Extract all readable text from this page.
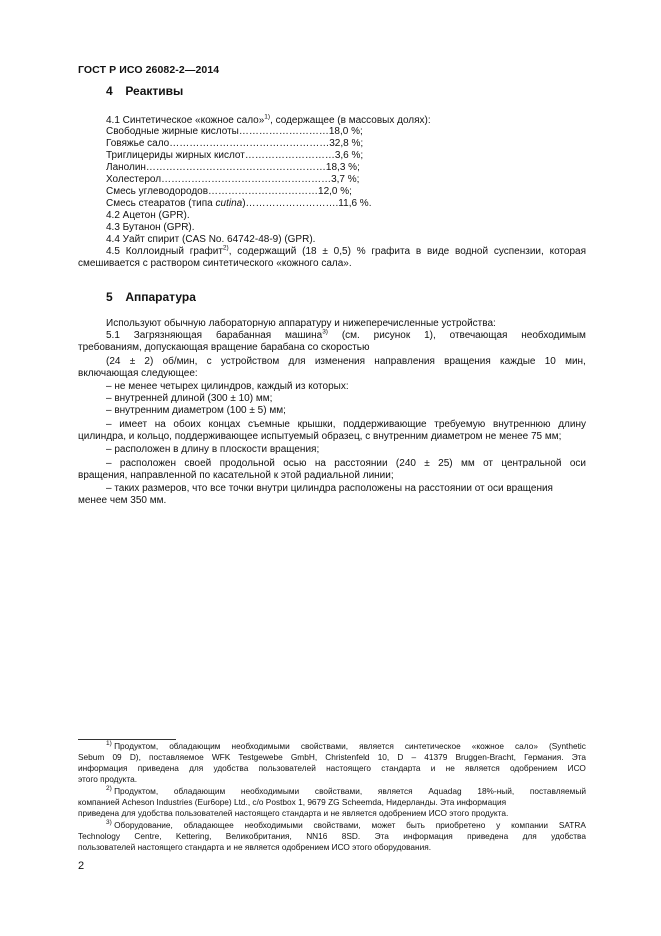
ГОСТ Р ИСО 26082-2—2014
4 Реактивы
4.1 Синтетическое «кожное сало»$^{1)}$, содержащее (в массовых долях):
Свободные жирные кислоты………………………18,0 %;
Говяжье сало…………………………………………32,8 %;
Триглицериды жирных кислот………………………3,6 %;
Ланолин………………………………………………18,3 %;
Холестерол……………………………………………3,7 %;
Смесь углеводородов……………………………12,0 %;
Смесь стеаратов (типа cutina)……………………….11,6 %.
4.2 Ацетон (GPR).
4.3 Бутанон (GPR).
4.4 Уайт спирит (CAS No. 64742-48-9) (GPR).
4.5 Коллоидный графит$^{2)}$, содержащий (18 ± 0,5) % графита в виде водной суспензии, которая
смешивается с раствором синтетического «кожного сала».
5 Аппаратура
Используют обычную лабораторную аппаратуру и нижеперечисленные устройства:
5.1 Загрязняющая барабанная машина$^{3)}$ (см. рисунок 1), отвечающая необходимым
требованиям, допускающая вращение барабана со скоростью
(24 ± 2) об/мин, с устройством для изменения направления вращения каждые 10 мин,
включающая следующее:
– не менее четырех цилиндров, каждый из которых:
– внутренней длиной (300 ± 10) мм;
– внутренним диаметром (100 ± 5) мм;
– имеет на обоих концах съемные крышки, поддерживающие требуемую внутреннюю длину
цилиндра, и кольцо, поддерживающее испытуемый образец, с внутренним диаметром не менее 75 мм;
– расположен в длину в плоскости вращения;
– расположен своей продольной осью на расстоянии (240 ± 25) мм от центральной оси
вращения, направленной по касательной к этой радиальной линии;
– таких размеров, что все точки внутри цилиндра расположены на расстоянии от оси вращения
менее чем 350 мм.
$^{1)}$ Продуктом, обладающим необходимыми свойствами, является синтетическое «кожное сало» (Synthetic
Sebum 09 D), поставляемое WFK Testgewebe GmbH, Christenfeld 10, D – 41379 Bruggen-Bracht, Германия. Эта
информация приведена для удобства пользователей настоящего стандарта и не является одобрением ИСО
этого продукта.
$^{2)}$ Продуктом, обладающим необходимыми свойствами, является Aquadag 18%-ный, поставляемый
компанией Acheson Industries (Eur6ope) Ltd., c/o Postbox 1, 9679 ZG Scheemda, Нидерланды. Эта информация
приведена для удобства пользователей настоящего стандарта и не является одобрением ИСО этого продукта.
$^{3)}$ Оборудование, обладающее необходимыми свойствами, может быть приобретено у компании SATRA
Technology Centre, Kettering, Великобритания, NN16 8SD. Эта информация приведена для удобства
пользователей настоящего стандарта и не является одобрением ИСО этого оборудования.
2
